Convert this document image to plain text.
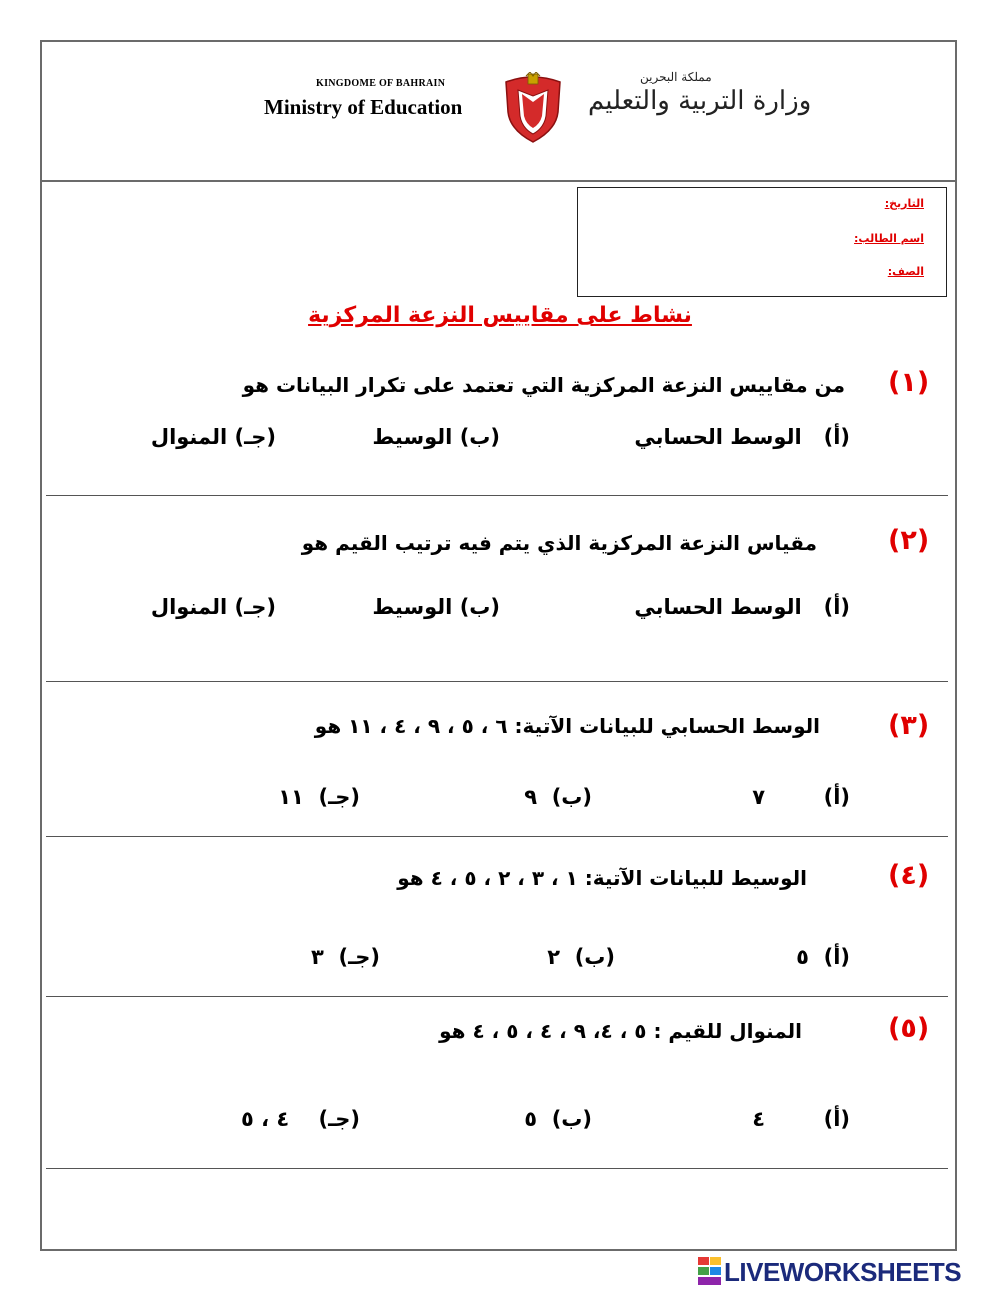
KINGDOME OF BAHRAIN
Ministry of Education
مملكة البحرين
وزارة التربية والتعليم
التاريخ:
اسم الطالب:
الصف:
نشاط على مقاييس النزعة المركزية
(١)
من مقاييس النزعة المركزية التي تعتمد على تكرار البيانات هو
(أ)   الوسط الحسابي
(ب) الوسيط
(جـ) المنوال
(٢)
مقياس النزعة المركزية الذي يتم فيه ترتيب القيم هو
(أ)   الوسط الحسابي
(ب) الوسيط
(جـ) المنوال
(٣)
الوسط الحسابي للبيانات الآتية: ٦ ، ٥ ، ٩ ، ٤ ، ١١ هو
(أ)        ٧
(ب)  ٩
(جـ)  ١١
(٤)
الوسيط للبيانات الآتية: ١ ، ٣ ، ٢ ، ٥ ، ٤ هو
(أ)  ٥
(ب)  ٢
(جـ)  ٣
(٥)
المنوال للقيم : ٥ ، ٤، ٩ ، ٤ ، ٥ ، ٤ هو
(أ)        ٤
(ب)  ٥
(جـ)    ٤ ، ٥
LIVEWORKSHEETS
